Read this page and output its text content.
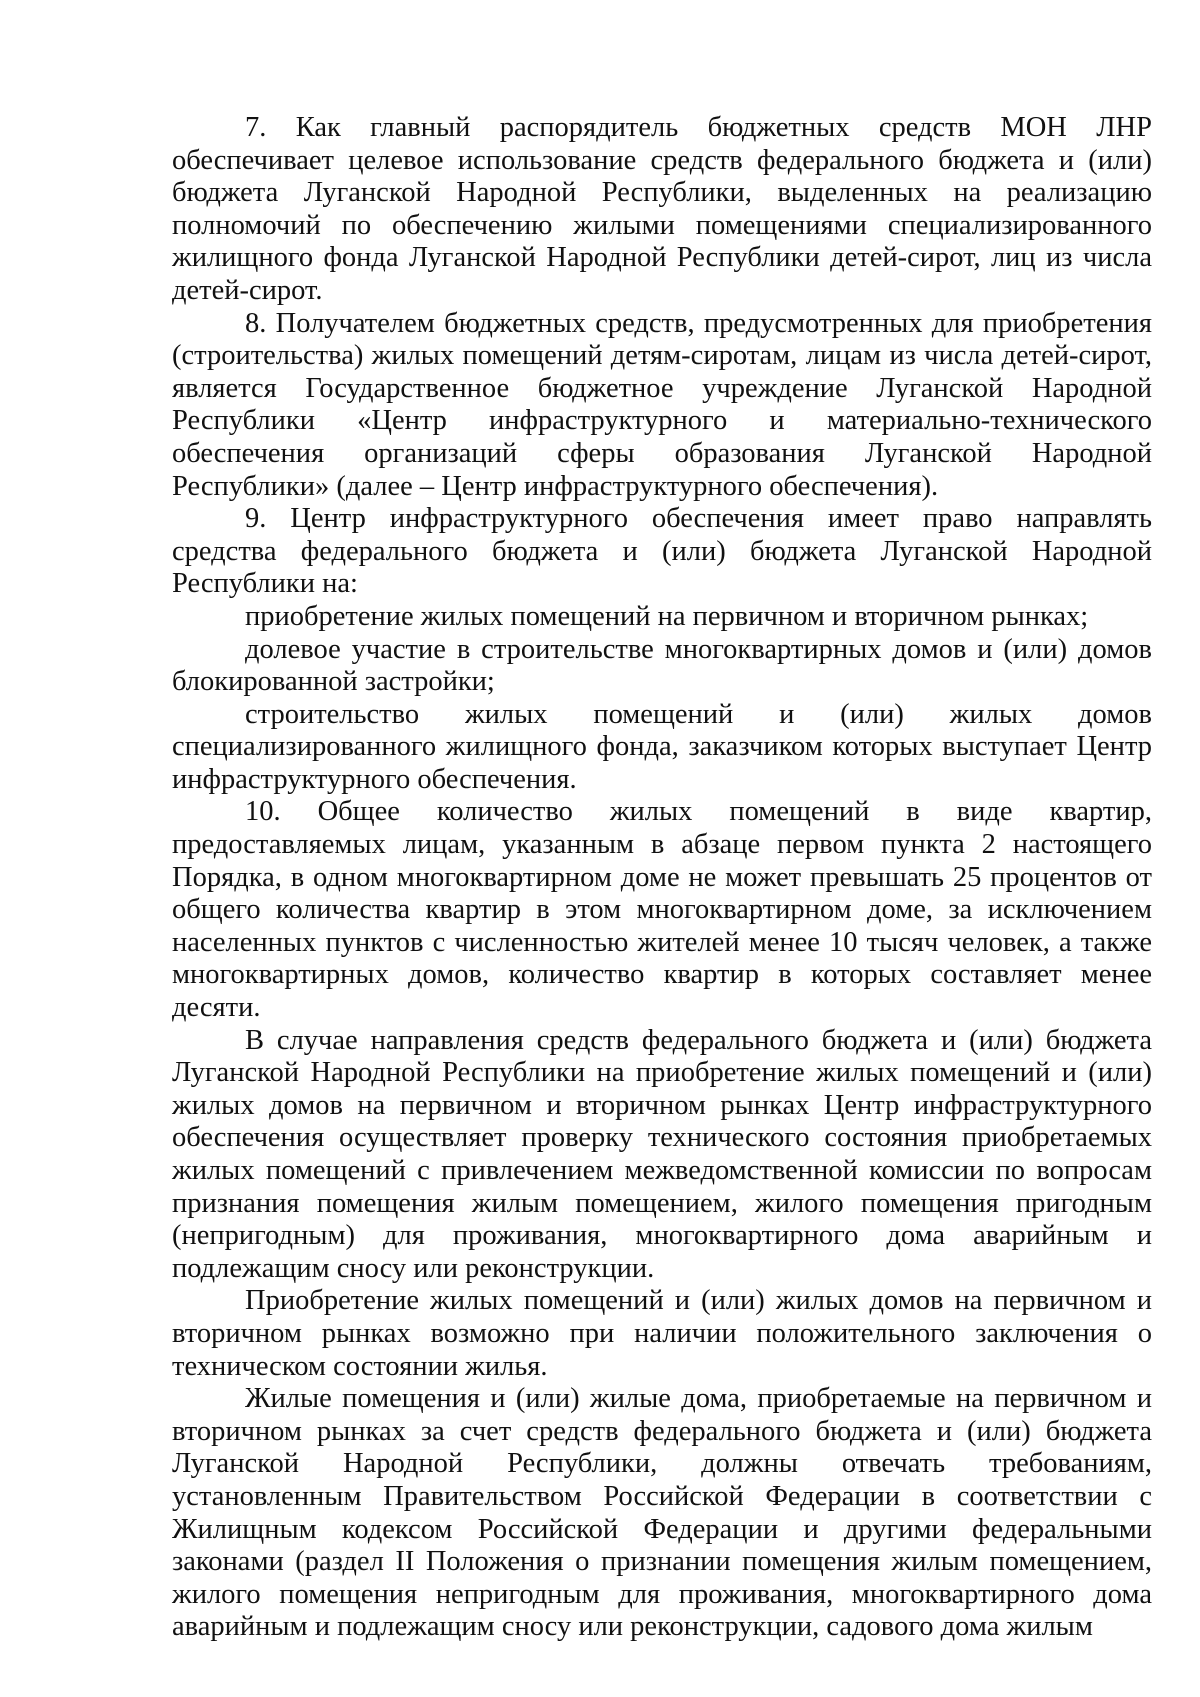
7. Как главный распорядитель бюджетных средств МОН ЛНР обеспечивает целевое использование средств федерального бюджета и (или) бюджета Луганской Народной Республики, выделенных на реализацию полномочий по обеспечению жилыми помещениями специализированного жилищного фонда Луганской Народной Республики детей-сирот, лиц из числа детей-сирот.

8. Получателем бюджетных средств, предусмотренных для приобретения (строительства) жилых помещений детям-сиротам, лицам из числа детей-сирот, является Государственное бюджетное учреждение Луганской Народной Республики «Центр инфраструктурного и материально-технического обеспечения организаций сферы образования Луганской Народной Республики» (далее – Центр инфраструктурного обеспечения).

9. Центр инфраструктурного обеспечения имеет право направлять средства федерального бюджета и (или) бюджета Луганской Народной Республики на:

приобретение жилых помещений на первичном и вторичном рынках;

долевое участие в строительстве многоквартирных домов и (или) домов блокированной застройки;

строительство жилых помещений и (или) жилых домов специализированного жилищного фонда, заказчиком которых выступает Центр инфраструктурного обеспечения.

10. Общее количество жилых помещений в виде квартир, предоставляемых лицам, указанным в абзаце первом пункта 2 настоящего Порядка, в одном многоквартирном доме не может превышать 25 процентов от общего количества квартир в этом многоквартирном доме, за исключением населенных пунктов с численностью жителей менее 10 тысяч человек, а также многоквартирных домов, количество квартир в которых составляет менее десяти.

В случае направления средств федерального бюджета и (или) бюджета Луганской Народной Республики на приобретение жилых помещений и (или) жилых домов на первичном и вторичном рынках Центр инфраструктурного обеспечения осуществляет проверку технического состояния приобретаемых жилых помещений с привлечением межведомственной комиссии по вопросам признания помещения жилым помещением, жилого помещения пригодным (непригодным) для проживания, многоквартирного дома аварийным и подлежащим сносу или реконструкции.

Приобретение жилых помещений и (или) жилых домов на первичном и вторичном рынках возможно при наличии положительного заключения о техническом состоянии жилья.

Жилые помещения и (или) жилые дома, приобретаемые на первичном и вторичном рынках за счет средств федерального бюджета и (или) бюджета Луганской Народной Республики, должны отвечать требованиям, установленным Правительством Российской Федерации в соответствии с Жилищным кодексом Российской Федерации и другими федеральными законами (раздел II Положения о признании помещения жилым помещением, жилого помещения непригодным для проживания, многоквартирного дома аварийным и подлежащим сносу или реконструкции, садового дома жилым
